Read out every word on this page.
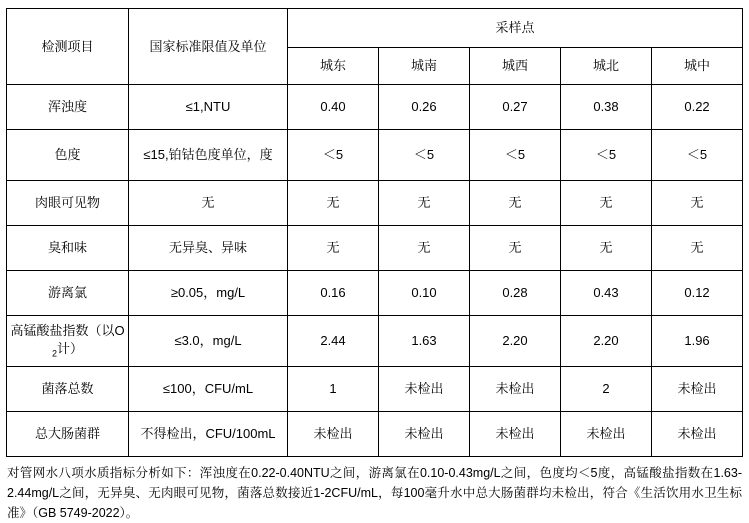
检测项目	国家标准限值及单位	采样点				
		城东	城南	城西	城北	城中
浑浊度	≤1,NTU	0.40	0.26	0.27	0.38	0.22
色度	≤15,铂钴色度单位，度	＜5	＜5	＜5	＜5	＜5
肉眼可见物	无	无	无	无	无	无
臭和味	无异臭、异味	无	无	无	无	无
游离氯	≥0.05，mg/L	0.16	0.10	0.28	0.43	0.12
高锰酸盐指数（以$O_2$计）	≤3.0，mg/L	2.44	1.63	2.20	2.20	1.96
菌落总数	≤100，CFU/mL	1	未检出	未检出	2	未检出
总大肠菌群	不得检出，CFU/100mL	未检出	未检出	未检出	未检出	未检出

对管网水八项水质指标分析如下：浑浊度在0.22-0.40NTU之间，游离氯在0.10-0.43mg/L之间，色度均＜5度，高锰酸盐指数在1.63-2.44mg/L之间，无异臭、无肉眼可见物，菌落总数接近1-2CFU/mL，每100毫升水中总大肠菌群均未检出，符合《生活饮用水卫生标准》（GB 5749-2022）。
